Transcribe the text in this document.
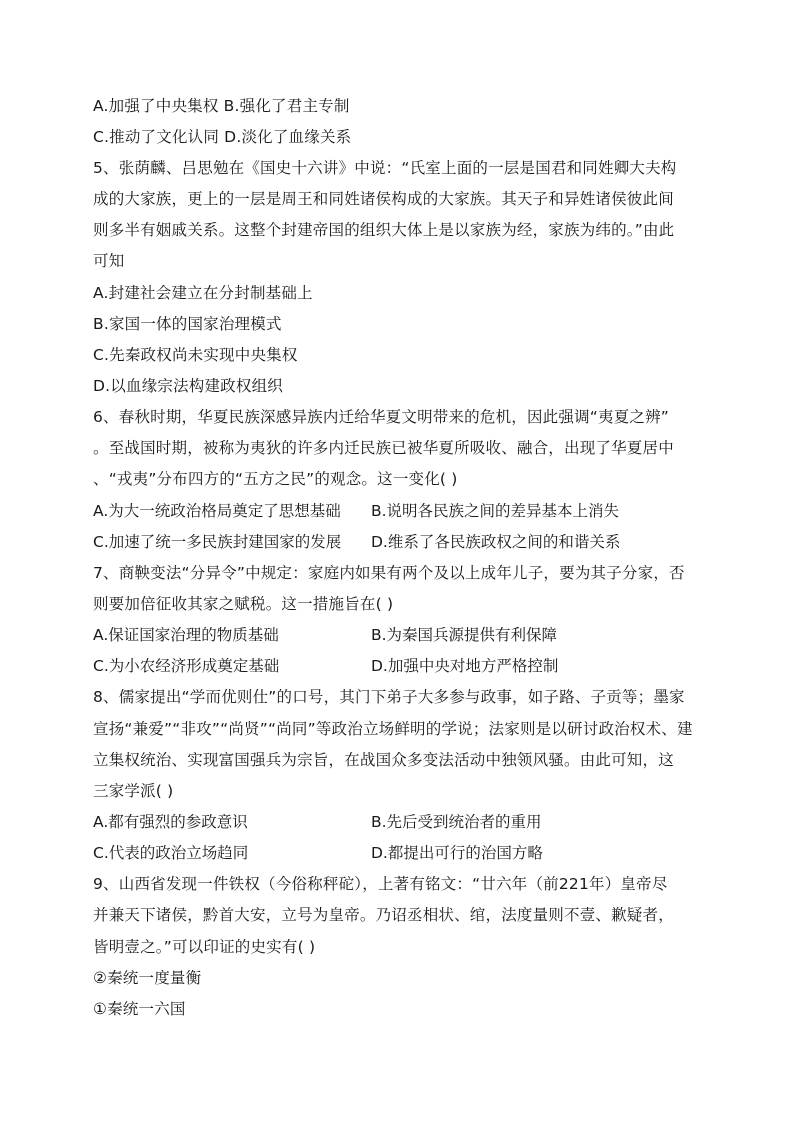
A.加强了中央集权 B.强化了君主专制
C.推动了文化认同 D.淡化了血缘关系
5、张荫麟、吕思勉在《国史十六讲》中说：“氏室上面的一层是国君和同姓卿大夫构
成的大家族，更上的一层是周王和同姓诸侯构成的大家族。其天子和异姓诸侯彼此间
则多半有姻戚关系。这整个封建帝国的组织大体上是以家族为经，家族为纬的。”由此
可知
A.封建社会建立在分封制基础上
B.家国一体的国家治理模式
C.先秦政权尚未实现中央集权
D.以血缘宗法构建政权组织
6、春秋时期，华夏民族深感异族内迁给华夏文明带来的危机，因此强调“夷夏之辨”
。至战国时期，被称为夷狄的许多内迁民族已被华夏所吸收、融合，出现了华夏居中
、“戎夷”分布四方的“五方之民”的观念。这一变化( )
A.为大一统政治格局奠定了思想基础 B.说明各民族之间的差异基本上消失
C.加速了统一多民族封建国家的发展 D.维系了各民族政权之间的和谐关系
7、商鞅变法“分异令”中规定：家庭内如果有两个及以上成年儿子，要为其子分家，否
则要加倍征收其家之赋税。这一措施旨在( )
A.保证国家治理的物质基础	B.为秦国兵源提供有利保障
C.为小农经济形成奠定基础	D.加强中央对地方严格控制
8、儒家提出“学而优则仕”的口号，其门下弟子大多参与政事，如子路、子贡等；墨家
宣扬“兼爱”“非攻”“尚贤”“尚同”等政治立场鲜明的学说；法家则是以研讨政治权术、建
立集权统治、实现富国强兵为宗旨，在战国众多变法活动中独领风骚。由此可知，这
三家学派( )
A.都有强烈的参政意识	B.先后受到统治者的重用
C.代表的政治立场趋同	D.都提出可行的治国方略
9、山西省发现一件铁权（今俗称秤砣），上著有铭文：“廿六年（前221年）皇帝尽
并兼天下诸侯，黔首大安，立号为皇帝。乃诏丞相状、绾，法度量则不壹、歉疑者，
皆明壹之。”可以印证的史实有( )
②秦统一度量衡
①秦统一六国
